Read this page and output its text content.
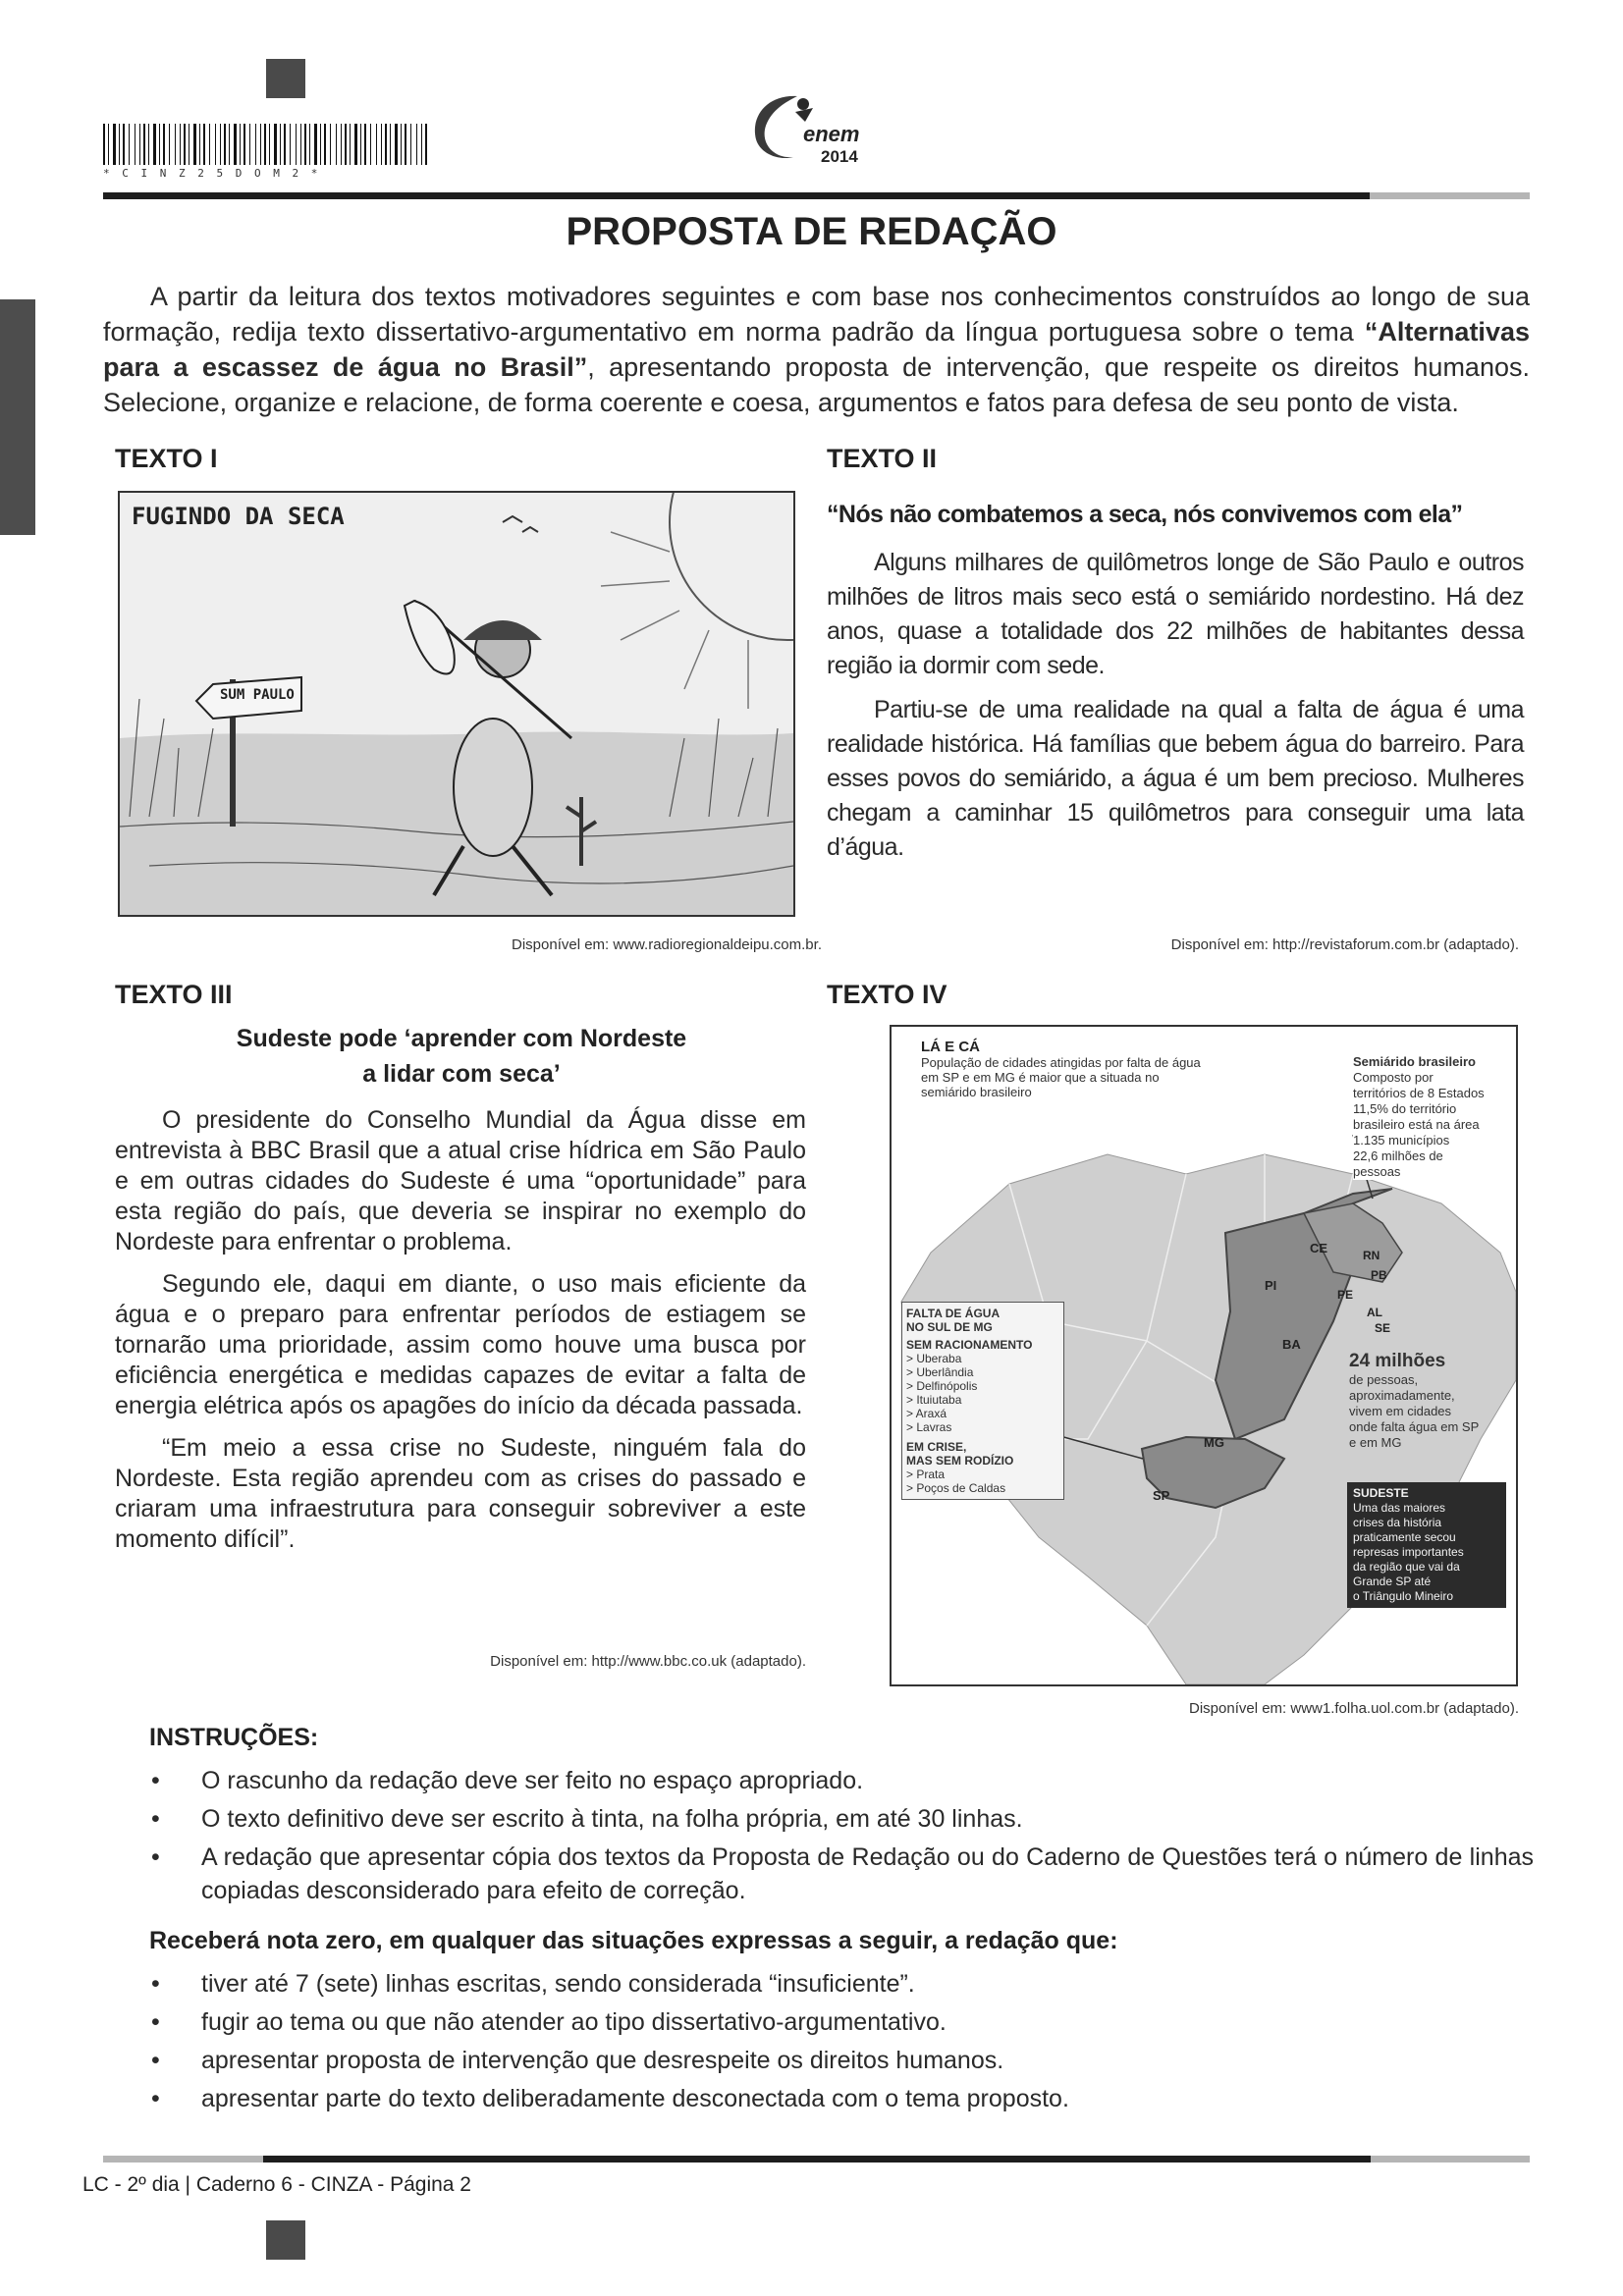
* C I N Z 2 5 D O M 2 *
enem
2014
PROPOSTA DE REDAÇÃO

A partir da leitura dos textos motivadores seguintes e com base nos conhecimentos construídos ao longo de sua formação, redija texto dissertativo-argumentativo em norma padrão da língua portuguesa sobre o tema “Alternativas para a escassez de água no Brasil”, apresentando proposta de intervenção, que respeite os direitos humanos. Selecione, organize e relacione, de forma coerente e coesa, argumentos e fatos para defesa de seu ponto de vista.

TEXTO I
FUGINDO DA SECA
SUM PAULO
Disponível em: www.radioregionaldeipu.com.br.
TEXTO II
“Nós não combatemos a seca, nós convivemos com ela”

Alguns milhares de quilômetros longe de São Paulo e outros milhões de litros mais seco está o semiárido nordestino. Há dez anos, quase a totalidade dos 22 milhões de habitantes dessa região ia dormir com sede.

Partiu-se de uma realidade na qual a falta de água é uma realidade histórica. Há famílias que bebem água do barreiro. Para esses povos do semiárido, a água é um bem precioso. Mulheres chegam a caminhar 15 quilômetros para conseguir uma lata d’água.

Disponível em: http://revistaforum.com.br (adaptado).
TEXTO III
Sudeste pode ‘aprender com Nordeste
a lidar com seca’

O presidente do Conselho Mundial da Água disse em entrevista à BBC Brasil que a atual crise hídrica em São Paulo e em outras cidades do Sudeste é uma “oportunidade” para esta região do país, que deveria se inspirar no exemplo do Nordeste para enfrentar o problema.

Segundo ele, daqui em diante, o uso mais eficiente da água e o preparo para enfrentar períodos de estiagem se tornarão uma prioridade, assim como houve uma busca por eficiência energética e medidas capazes de evitar a falta de energia elétrica após os apagões do início da década passada.

“Em meio a essa crise no Sudeste, ninguém fala do Nordeste. Esta região aprendeu com as crises do passado e criaram uma infraestrutura para conseguir sobreviver a este momento difícil”.

Disponível em: http://www.bbc.co.uk (adaptado).
TEXTO IV
LÁ E CÁ
População de cidades atingidas por falta de água em SP e em MG é maior que a situada no semiárido brasileiro
Semiárido brasileiro
Composto por
territórios de 8 Estados
11,5% do território
brasileiro está na área
1.135 municípios
22,6 milhões de
pessoas
FALTA DE ÁGUA
NO SUL DE MG
SEM RACIONAMENTO
> Uberaba
> Uberlândia
> Delfinópolis
> Ituiutaba
> Araxá
> Lavras
EM CRISE,
MAS SEM RODÍZIO
> Prata
> Poços de Caldas
24 milhões
de pessoas,
aproximadamente,
vivem em cidades
onde falta água em SP
e em MG
SUDESTE
Uma das maiores
crises da história
praticamente secou
represas importantes
da região que vai da
Grande SP até
o Triângulo Mineiro
CE	RN
PB
PI
PE
AL
SE
BA
MG
SP
Disponível em: www1.folha.uol.com.br (adaptado).
INSTRUÇÕES:
• O rascunho da redação deve ser feito no espaço apropriado.
• O texto definitivo deve ser escrito à tinta, na folha própria, em até 30 linhas.
• A redação que apresentar cópia dos textos da Proposta de Redação ou do Caderno de Questões terá o número de linhas copiadas desconsiderado para efeito de correção.
Receberá nota zero, em qualquer das situações expressas a seguir, a redação que:
• tiver até 7 (sete) linhas escritas, sendo considerada “insuficiente”.
• fugir ao tema ou que não atender ao tipo dissertativo-argumentativo.
• apresentar proposta de intervenção que desrespeite os direitos humanos.
• apresentar parte do texto deliberadamente desconectada com o tema proposto.
LC - 2º dia | Caderno 6 - CINZA - Página 2
